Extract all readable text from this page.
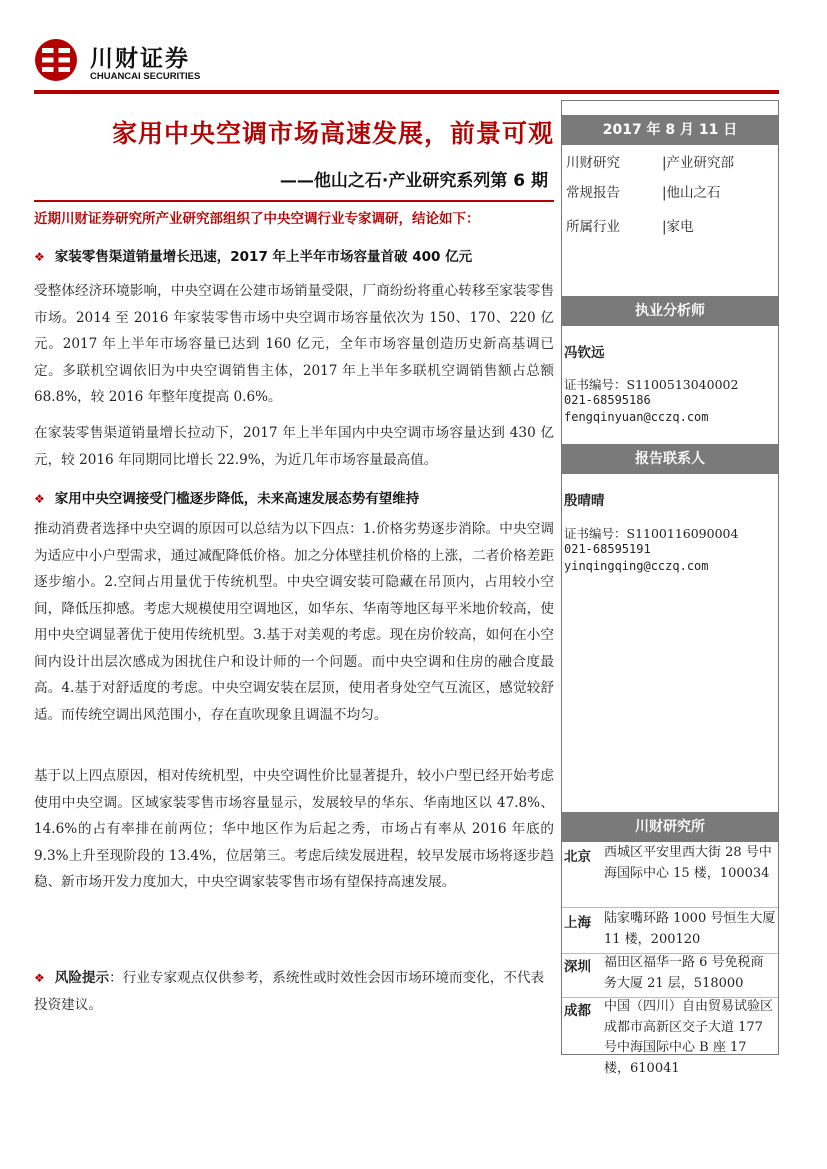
川财证券
CHUANCAI SECURITIES
家用中央空调市场高速发展，前景可观
——他山之石·产业研究系列第 6 期
近期川财证券研究所产业研究部组织了中央空调行业专家调研，结论如下：
❖ 家装零售渠道销量增长迅速，2017 年上半年市场容量首破 400 亿元
受整体经济环境影响，中央空调在公建市场销量受限，厂商纷纷将重心转移至家装零售市场。2014 至 2016 年家装零售市场中央空调市场容量依次为 150、170、220 亿元。2017 年上半年市场容量已达到 160 亿元，全年市场容量创造历史新高基调已定。多联机空调依旧为中央空调销售主体，2017 年上半年多联机空调销售额占总额 68.8%，较 2016 年整年度提高 0.6%。
在家装零售渠道销量增长拉动下，2017 年上半年国内中央空调市场容量达到 430 亿元，较 2016 年同期同比增长 22.9%，为近几年市场容量最高值。
❖ 家用中央空调接受门槛逐步降低，未来高速发展态势有望维持
推动消费者选择中央空调的原因可以总结为以下四点：1.价格劣势逐步消除。中央空调为适应中小户型需求，通过减配降低价格。加之分体壁挂机价格的上涨，二者价格差距逐步缩小。2.空间占用量优于传统机型。中央空调安装可隐藏在吊顶内，占用较小空间，降低压抑感。考虑大规模使用空调地区，如华东、华南等地区每平米地价较高，使用中央空调显著优于使用传统机型。3.基于对美观的考虑。现在房价较高，如何在小空间内设计出层次感成为困扰住户和设计师的一个问题。而中央空调和住房的融合度最高。4.基于对舒适度的考虑。中央空调安装在层顶，使用者身处空气互流区，感觉较舒适。而传统空调出风范围小，存在直吹现象且调温不均匀。
基于以上四点原因，相对传统机型，中央空调性价比显著提升，较小户型已经开始考虑使用中央空调。区域家装零售市场容量显示，发展较早的华东、华南地区以 47.8%、14.6%的占有率排在前两位；华中地区作为后起之秀，市场占有率从 2016 年底的 9.3%上升至现阶段的 13.4%，位居第三。考虑后续发展进程，较早发展市场将逐步趋稳、新市场开发力度加大，中央空调家装零售市场有望保持高速发展。
❖ 风险提示：行业专家观点仅供参考，系统性或时效性会因市场环境而变化，不代表投资建议。
2017 年 8 月 11 日
川财研究	|产业研究部
常规报告	|他山之石
所属行业	|家电
执业分析师
冯钦远
证书编号：S1100513040002
021-68595186
fengqinyuan@cczq.com
报告联系人
殷晴晴
证书编号：S1100116090004
021-68595191
yinqingqing@cczq.com
川财研究所
北京 西城区平安里西大街 28 号中海国际中心 15 楼，100034
上海 陆家嘴环路 1000 号恒生大厦 11 楼，200120
深圳 福田区福华一路 6 号免税商务大厦 21 层，518000
成都 中国（四川）自由贸易试验区成都市高新区交子大道 177 号中海国际中心 B 座 17 楼，610041
